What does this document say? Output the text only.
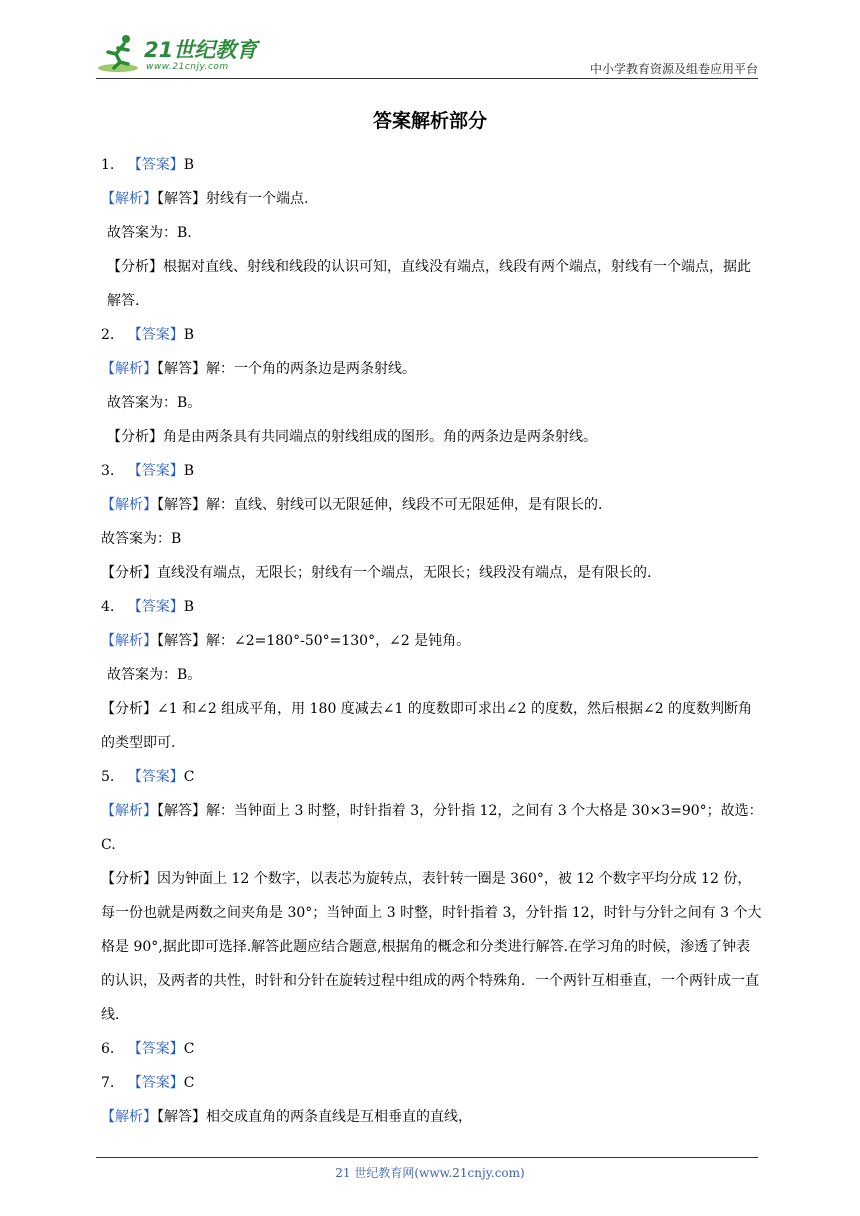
21世纪教育
www.21cnjy.com	中小学教育资源及组卷应用平台
答案解析部分
1. 【答案】B
【解析】【解答】射线有一个端点.
故答案为：B.
【分析】根据对直线、射线和线段的认识可知，直线没有端点，线段有两个端点，射线有一个端点，据此解答.
2. 【答案】B
【解析】【解答】解：一个角的两条边是两条射线。
故答案为：B。
【分析】角是由两条具有共同端点的射线组成的图形。角的两条边是两条射线。
3. 【答案】B
【解析】【解答】解：直线、射线可以无限延伸，线段不可无限延伸，是有限长的.
故答案为：B
【分析】直线没有端点，无限长；射线有一个端点，无限长；线段没有端点，是有限长的.
4. 【答案】B
【解析】【解答】解：∠2=180°-50°=130°，∠2 是钝角。
故答案为：B。
【分析】∠1 和∠2 组成平角，用 180 度减去∠1 的度数即可求出∠2 的度数，然后根据∠2 的度数判断角的类型即可.
5. 【答案】C
【解析】【解答】解：当钟面上 3 时整，时针指着 3，分针指 12，之间有 3 个大格是 30×3=90°；故选：C.
【分析】因为钟面上 12 个数字，以表芯为旋转点，表针转一圈是 360°，被 12 个数字平均分成 12 份，每一份也就是两数之间夹角是 30°；当钟面上 3 时整，时针指着 3，分针指 12，时针与分针之间有 3 个大格是 90°,据此即可选择.解答此题应结合题意,根据角的概念和分类进行解答.在学习角的时候，渗透了钟表的认识，及两者的共性，时针和分针在旋转过程中组成的两个特殊角．一个两针互相垂直，一个两针成一直线.
6. 【答案】C
7. 【答案】C
【解析】【解答】相交成直角的两条直线是互相垂直的直线，
21 世纪教育网(www.21cnjy.com)
